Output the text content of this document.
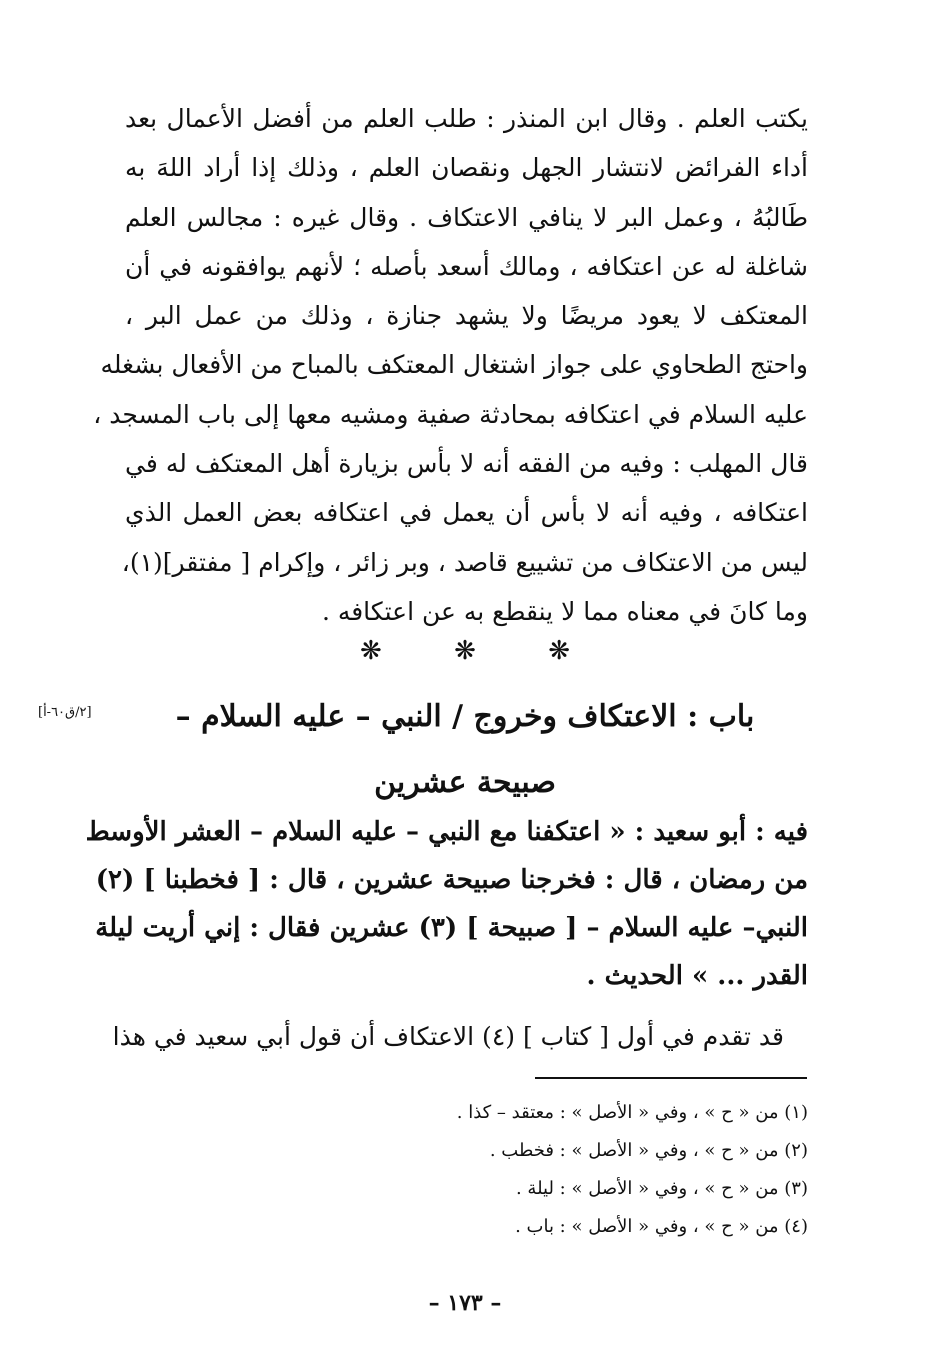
يكتب العلم . وقال ابن المنذر : طلب العلم من أفضل الأعمال بعد
أداء الفرائض لانتشار الجهل ونقصان العلم ، وذلك إذا أراد اللهَ به
طَالبُهُ ، وعمل البر لا ينافي الاعتكاف . وقال غيره : مجالس العلم
شاغلة له عن اعتكافه ، ومالك أسعد بأصله ؛ لأنهم يوافقونه في أن
المعتكف لا يعود مريضًا ولا يشهد جنازة ، وذلك من عمل البر ،
واحتج الطحاوي على جواز اشتغال المعتكف بالمباح من الأفعال بشغله
عليه السلام في اعتكافه بمحادثة صفية ومشيه معها إلى باب المسجد ،
قال المهلب : وفيه من الفقه أنه لا بأس بزيارة أهل المعتكف له في
اعتكافه ، وفيه أنه لا بأس أن يعمل في اعتكافه بعض العمل الذي
ليس من الاعتكاف من تشييع قاصد ، وبر زائر ، وإكرام [ مفتقر](١)،
وما كانَ في معناه مما لا ينقطع به عن اعتكافه .
❋	❋	❋
باب : الاعتكاف وخروج / النبي – عليه السلام –
صبيحة عشرين
[٢/ق٦٠-أ]
فيه : أبو سعيد : « اعتكفنا مع النبي – عليه السلام – العشر الأوسط
من رمضان ، قال : فخرجنا صبيحة عشرين ، قال : [ فخطبنا ] (٢)
النبي– عليه السلام – [ صبيحة ] (٣) عشرين فقال : إني أريت ليلة
القدر ... » الحديث .
قد تقدم في أول [ كتاب ] (٤) الاعتكاف أن قول أبي سعيد في هذا
(١) من « ح » ، وفي « الأصل » : معتقد – كذا .
(٢) من « ح » ، وفي « الأصل » : فخطب .
(٣) من « ح » ، وفي « الأصل » : ليلة .
(٤) من « ح » ، وفي « الأصل » : باب .
– ١٧٣ –
